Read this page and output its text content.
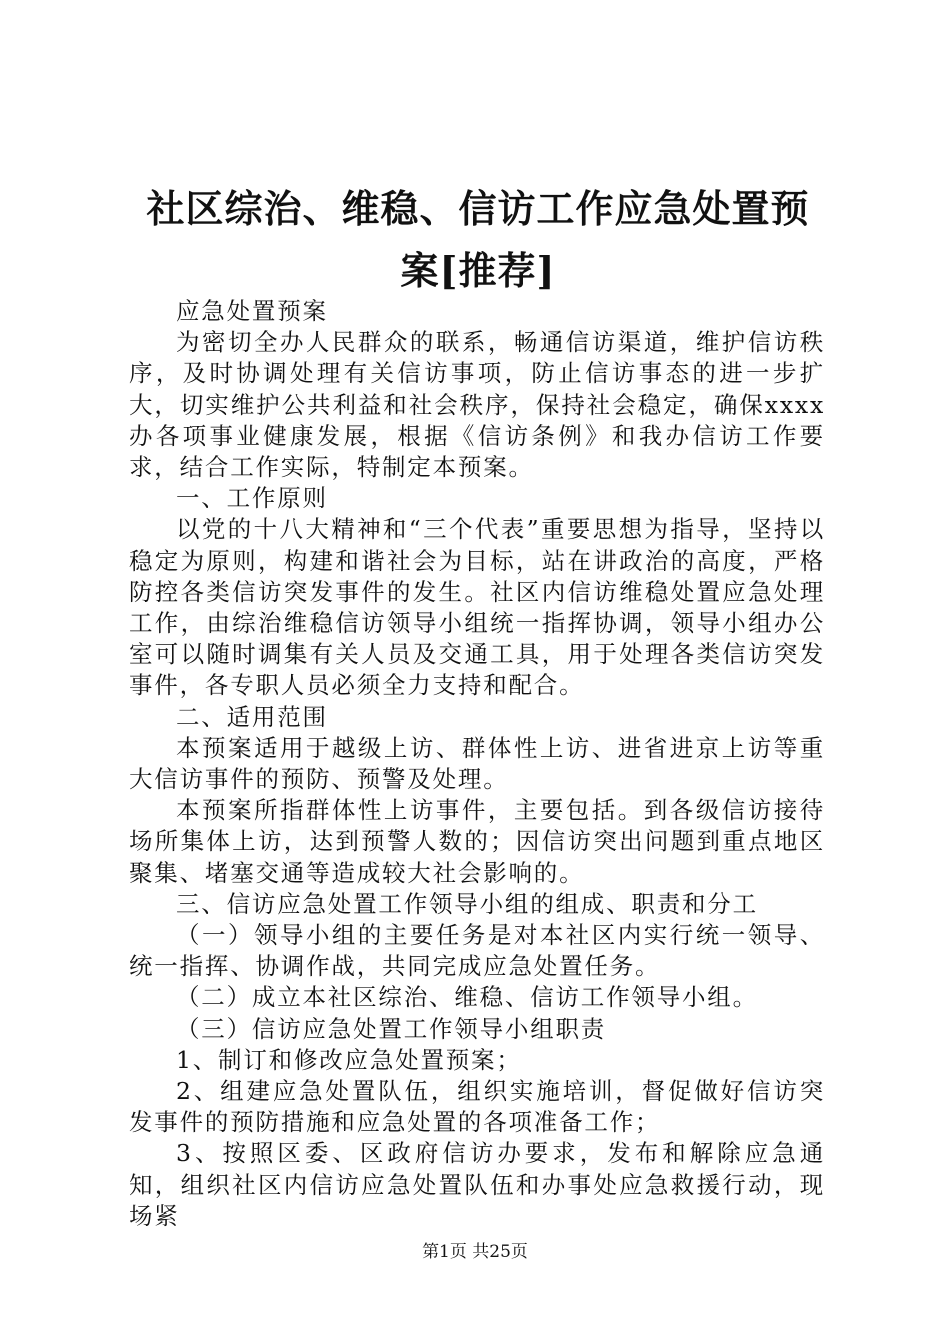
社区综治、维稳、信访工作应急处置预案[推荐]

应急处置预案

为密切全办人民群众的联系，畅通信访渠道，维护信访秩序，及时协调处理有关信访事项，防止信访事态的进一步扩大，切实维护公共利益和社会秩序，保持社会稳定，确保xxxx办各项事业健康发展，根据《信访条例》和我办信访工作要求，结合工作实际，特制定本预案。

一、工作原则

以党的十八大精神和“三个代表”重要思想为指导，坚持以稳定为原则，构建和谐社会为目标，站在讲政治的高度，严格防控各类信访突发事件的发生。社区内信访维稳处置应急处理工作，由综治维稳信访领导小组统一指挥协调，领导小组办公室可以随时调集有关人员及交通工具，用于处理各类信访突发事件，各专职人员必须全力支持和配合。

二、适用范围

本预案适用于越级上访、群体性上访、进省进京上访等重大信访事件的预防、预警及处理。

本预案所指群体性上访事件，主要包括。到各级信访接待场所集体上访，达到预警人数的；因信访突出问题到重点地区聚集、堵塞交通等造成较大社会影响的。

三、信访应急处置工作领导小组的组成、职责和分工

（一）领导小组的主要任务是对本社区内实行统一领导、统一指挥、协调作战，共同完成应急处置任务。

（二）成立本社区综治、维稳、信访工作领导小组。

（三）信访应急处置工作领导小组职责

1、制订和修改应急处置预案；

2、组建应急处置队伍，组织实施培训，督促做好信访突发事件的预防措施和应急处置的各项准备工作；

3、按照区委、区政府信访办要求，发布和解除应急通知，组织社区内信访应急处置队伍和办事处应急救援行动，现场紧

第1页 共25页
